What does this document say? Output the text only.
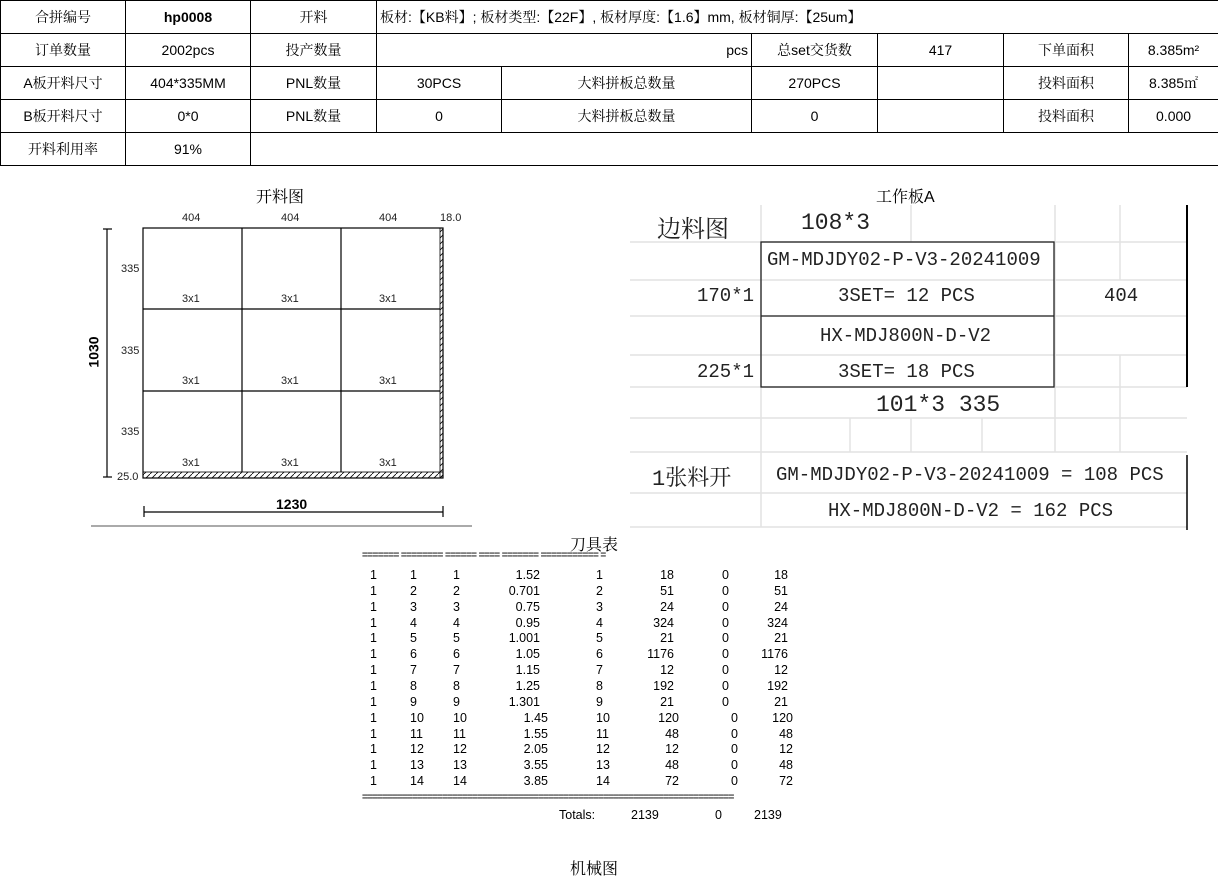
合拼编号	hp0008	开料	板材:【KB料】; 板材类型:【22F】, 板材厚度:【1.6】mm, 板材铜厚:【25um】					
订单数量	2002pcs	投产数量	pcs		总set交货数	417	下单面积	8.385m²
A板开料尺寸	404*335MM	PNL数量	30PCS	大料拼板总数量	270PCS		投料面积	8.385㎡
B板开料尺寸	0*0	PNL数量	0	大料拼板总数量	0		投料面积	0.000
开料利用率	91%							
开料图
404	404	404	18.0
335
335
335
25.0
3x1	3x1	3x1
3x1	3x1	3x1
3x1	3x1	3x1
1030
1230
工作板A
边料图	108*3
GM-MDJDY02-P-V3-20241009
170*1	3SET= 12 PCS	404
HX-MDJ800N-D-V2
225*1	3SET= 18 PCS
101*3 335
1张料开 GM-MDJDY02-P-V3-20241009 = 108 PCS
HX-MDJ800N-D-V2 = 162 PCS
刀具表
======= ======== ====== ==== ======= =========== =
1	1	1	1.52	1	18	0	18
1	2	2	0.701	2	51	0	51
1	3	3	0.75	3	24	0	24
1	4	4	0.95	4	324	0	324
1	5	5	1.001	5	21	0	21
1	6	6	1.05	6	1176	0	1176
1	7	7	1.15	7	12	0	12
1	8	8	1.25	8	192	0	192
1	9	9	1.301	9	21	0	21
1	10 10	1.45	10	120	0	120
1	11 11	1.55	11	48	0	48
1	12 12	2.05	12	12	0	12
1	13 13	3.55	13	48	0	48
1	14 14	3.85	14	72	0	72
==========================================================================
Totals:	2139	0	2139
机械图
